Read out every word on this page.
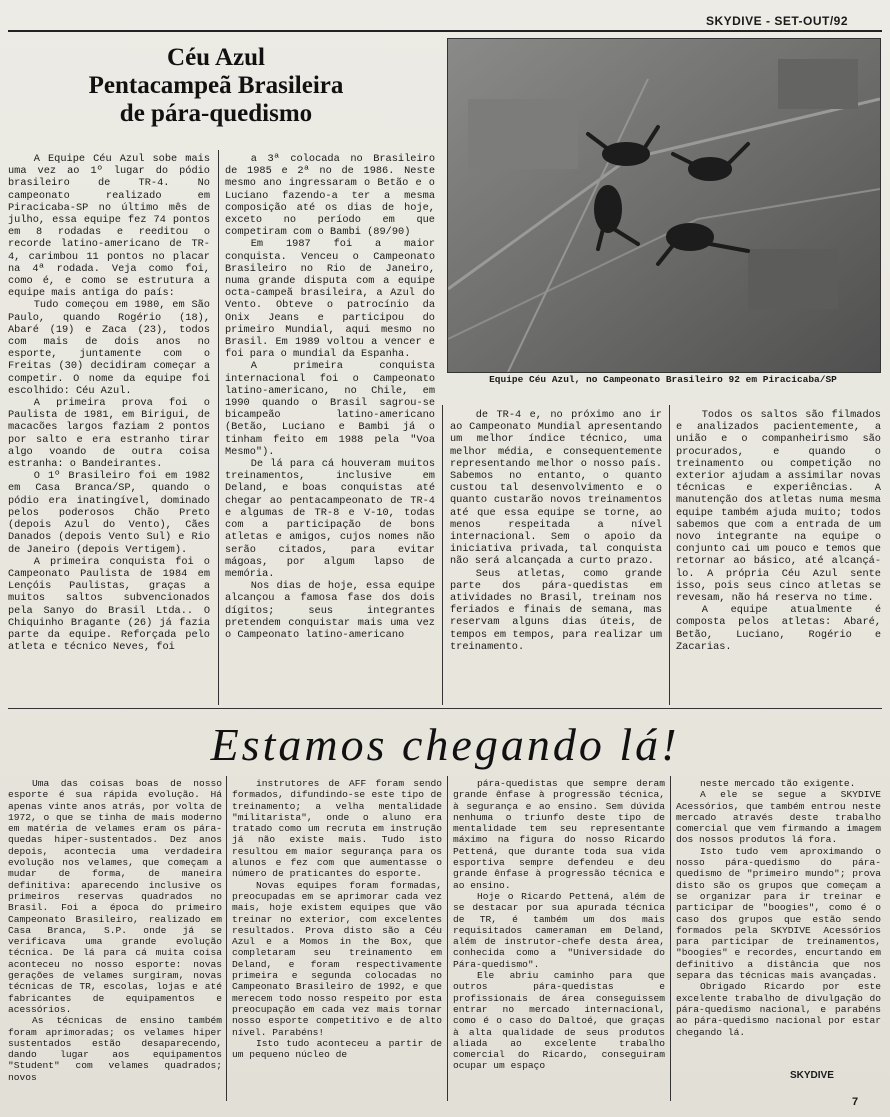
SKYDIVE - SET-OUT/92
Céu Azul
Pentacampeã Brasileira
de pára-quedismo
Equipe Céu Azul, no Campeonato Brasileiro 92 em Piracicaba/SP

A Equipe Céu Azul sobe mais uma vez ao 1º lugar do pódio brasileiro de TR-4. No campeonato realizado em Piracicaba-SP no último mês de julho, essa equipe fez 74 pontos em 8 rodadas e reeditou o recorde latino-americano de TR-4, carimbou 11 pontos no placar na 4ª rodada. Veja como foi, como é, e como se estrutura a equipe mais antiga do país:

Tudo começou em 1980, em São Paulo, quando Rogério (18), Abaré (19) e Zaca (23), todos com mais de dois anos no esporte, juntamente com o Freitas (30) decidiram começar a competir. O nome da equipe foi escolhido: Céu Azul.

A primeira prova foi o Paulista de 1981, em Birigui, de macacões largos faziam 2 pontos por salto e era estranho tirar algo voando de outra coisa estranha: o Bandeirantes.

O 1º Brasileiro foi em 1982 em Casa Branca/SP, quando o pódio era inatingível, dominado pelos poderosos Chão Preto (depois Azul do Vento), Cães Danados (depois Vento Sul) e Rio de Janeiro (depois Vertigem).

A primeira conquista foi o Campeonato Paulista de 1984 em Lençóis Paulistas, graças a muitos saltos subvencionados pela Sanyo do Brasil Ltda.. O Chiquinho Bragante (26) já fazia parte da equipe. Reforçada pelo atleta e técnico Neves, foi

a 3ª colocada no Brasileiro de 1985 e 2ª no de 1986. Neste mesmo ano ingressaram o Betão e o Luciano fazendo-a ter a mesma composição até os dias de hoje, exceto no período em que competiram com o Bambi (89/90)

Em 1987 foi a maior conquista. Venceu o Campeonato Brasileiro no Rio de Janeiro, numa grande disputa com a equipe octa-campeã brasileira, a Azul do Vento. Obteve o patrocínio da Onix Jeans e participou do primeiro Mundial, aqui mesmo no Brasil. Em 1989 voltou a vencer e foi para o mundial da Espanha.

A primeira conquista internacional foi o Campeonato latino-americano, no Chile, em 1990 quando o Brasil sagrou-se bicampeão latino-americano (Betão, Luciano e Bambi já o tinham feito em 1988 pela "Voa Mesmo").

De lá para cá houveram muitos treinamentos, inclusive em Deland, e boas conquistas até chegar ao pentacampeonato de TR-4 e algumas de TR-8 e V-10, todas com a participação de bons atletas e amigos, cujos nomes não serão citados, para evitar mágoas, por algum lapso de memória.

Nos dias de hoje, essa equipe alcançou a famosa fase dos dois dígitos; seus integrantes pretendem conquistar mais uma vez o Campeonato latino-americano

de TR-4 e, no próximo ano ir ao Campeonato Mundial apresentando um melhor índice técnico, uma melhor média, e consequentemente representando melhor o nosso país. Sabemos no entanto, o quanto custou tal desenvolvimento e o quanto custarão novos treinamentos até que essa equipe se torne, ao menos respeitada a nível internacional. Sem o apoio da iniciativa privada, tal conquista não será alcançada a curto prazo.

Seus atletas, como grande parte dos pára-quedistas em atividades no Brasil, treinam nos feriados e finais de semana, mas reservam alguns dias úteis, de tempos em tempos, para realizar um treinamento.

Todos os saltos são filmados e analizados pacientemente, a união e o companheirismo são procurados, e quando o treinamento ou competição no exterior ajudam a assimilar novas técnicas e experiências. A manutenção dos atletas numa mesma equipe também ajuda muito; todos sabemos que com a entrada de um novo integrante na equipe o conjunto cai um pouco e temos que retornar ao básico, até alcançá-lo. A própria Céu Azul sente isso, pois seus cinco atletas se revesam, não há reserva no time.

A equipe atualmente é composta pelos atletas: Abaré, Betão, Luciano, Rogério e Zacarias.

Estamos chegando lá!

Uma das coisas boas de nosso esporte é sua rápida evolução. Há apenas vinte anos atrás, por volta de 1972, o que se tinha de mais moderno em matéria de velames eram os pára-quedas hiper-sustentados. Dez anos depois, acontecia uma verdadeira evolução nos velames, que começam a mudar de forma, de maneira definitiva: aparecendo inclusive os primeiros reservas quadrados no Brasil. Foi a época do primeiro Campeonato Brasileiro, realizado em Casa Branca, S.P. onde já se verificava uma grande evolução técnica. De lá para cá muita coisa aconteceu no nosso esporte: novas gerações de velames surgiram, novas técnicas de TR, escolas, lojas e até fabricantes de equipamentos e acessórios.

As técnicas de ensino também foram aprimoradas; os velames hiper sustentados estão desaparecendo, dando lugar aos equipamentos "Student" com velames quadrados; novos

instrutores de AFF foram sendo formados, difundindo-se este tipo de treinamento; a velha mentalidade "militarista", onde o aluno era tratado como um recruta em instrução já não existe mais. Tudo isto resultou em maior segurança para os alunos e fez com que aumentasse o número de praticantes do esporte.

Novas equipes foram formadas, preocupadas em se aprimorar cada vez mais, hoje existem equipes que vão treinar no exterior, com excelentes resultados. Prova disto são a Céu Azul e a Momos in the Box, que completaram seu treinamento em Deland, e foram respectivamente primeira e segunda colocadas no Campeonato Brasileiro de 1992, e que merecem todo nosso respeito por esta preocupação em cada vez mais tornar nosso esporte competitivo e de alto nível. Parabéns!

Isto tudo aconteceu a partir de um pequeno núcleo de

pára-quedistas que sempre deram grande ênfase à progressão técnica, à segurança e ao ensino. Sem dúvida nenhuma o triunfo deste tipo de mentalidade tem seu representante máximo na figura do nosso Ricardo Pettená, que durante toda sua vida esportiva sempre defendeu e deu grande ênfase à progressão técnica e ao ensino.

Hoje o Ricardo Pettená, além de se destacar por sua apurada técnica de TR, é também um dos mais requisitados cameraman em Deland, além de instrutor-chefe desta área, conhecida como a "Universidade do Pára-quedismo".

Ele abriu caminho para que outros pára-quedistas e profissionais de área conseguissem entrar no mercado internacional, como é o caso do Daltoé, que graças à alta qualidade de seus produtos aliada ao excelente trabalho comercial do Ricardo, conseguiram ocupar um espaço

neste mercado tão exigente.

A ele se segue a SKYDIVE Acessórios, que também entrou neste mercado através deste trabalho comercial que vem firmando a imagem dos nossos produtos lá fora.

Isto tudo vem aproximando o nosso pára-quedismo do pára-quedismo de "primeiro mundo"; prova disto são os grupos que começam a se organizar para ir treinar e participar de "boogies", como é o caso dos grupos que estão sendo formados pela SKYDIVE Acessórios para participar de treinamentos, "boogies" e recordes, encurtando em definitivo a distância que nos separa das técnicas mais avançadas.

Obrigado Ricardo por este excelente trabalho de divulgação do pára-quedismo nacional, e parabéns ao pára-quedismo nacional por estar chegando lá.

SKYDIVE
7
